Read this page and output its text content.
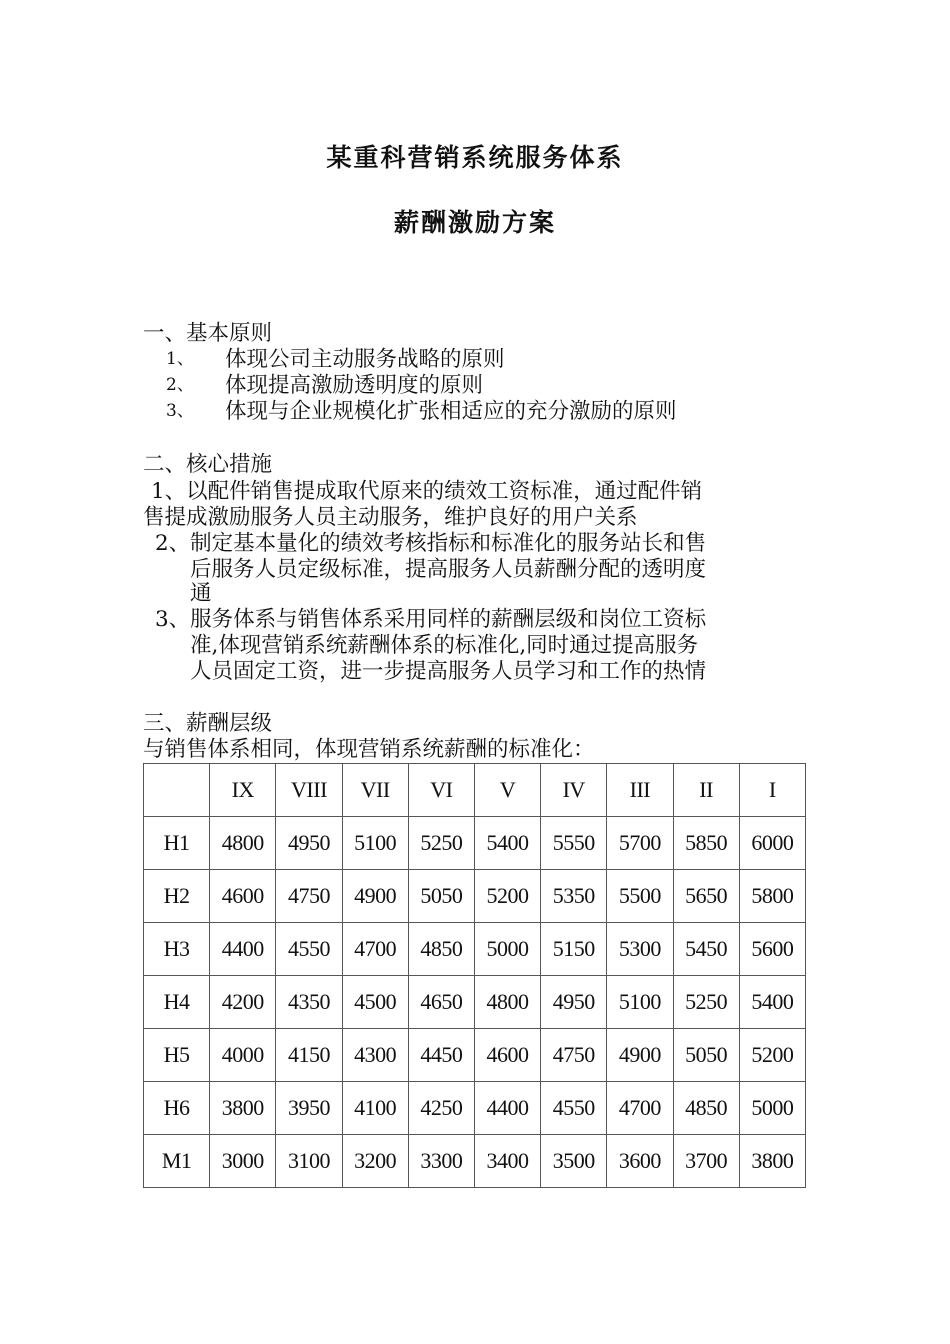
某重科营销系统服务体系
薪酬激励方案

一、基本原则

1、 体现公司主动服务战略的原则

2、 体现提高激励透明度的原则

3、 体现与企业规模化扩张相适应的充分激励的原则

二、核心措施

1、以配件销售提成取代原来的绩效工资标准，通过配件销

售提成激励服务人员主动服务，维护良好的用户关系

2、制定基本量化的绩效考核指标和标准化的服务站长和售

后服务人员定级标准，提高服务人员薪酬分配的透明度

通

3、服务体系与销售体系采用同样的薪酬层级和岗位工资标

准,体现营销系统薪酬体系的标准化,同时通过提高服务

人员固定工资，进一步提高服务人员学习和工作的热情

三、薪酬层级

与销售体系相同，体现营销系统薪酬的标准化：

	IX	VIII	VII	VI	V	IV	III	II	I
H1	4800	4950	5100	5250	5400	5550	5700	5850	6000
H2	4600	4750	4900	5050	5200	5350	5500	5650	5800
H3	4400	4550	4700	4850	5000	5150	5300	5450	5600
H4	4200	4350	4500	4650	4800	4950	5100	5250	5400
H5	4000	4150	4300	4450	4600	4750	4900	5050	5200
H6	3800	3950	4100	4250	4400	4550	4700	4850	5000
M1	3000	3100	3200	3300	3400	3500	3600	3700	3800
